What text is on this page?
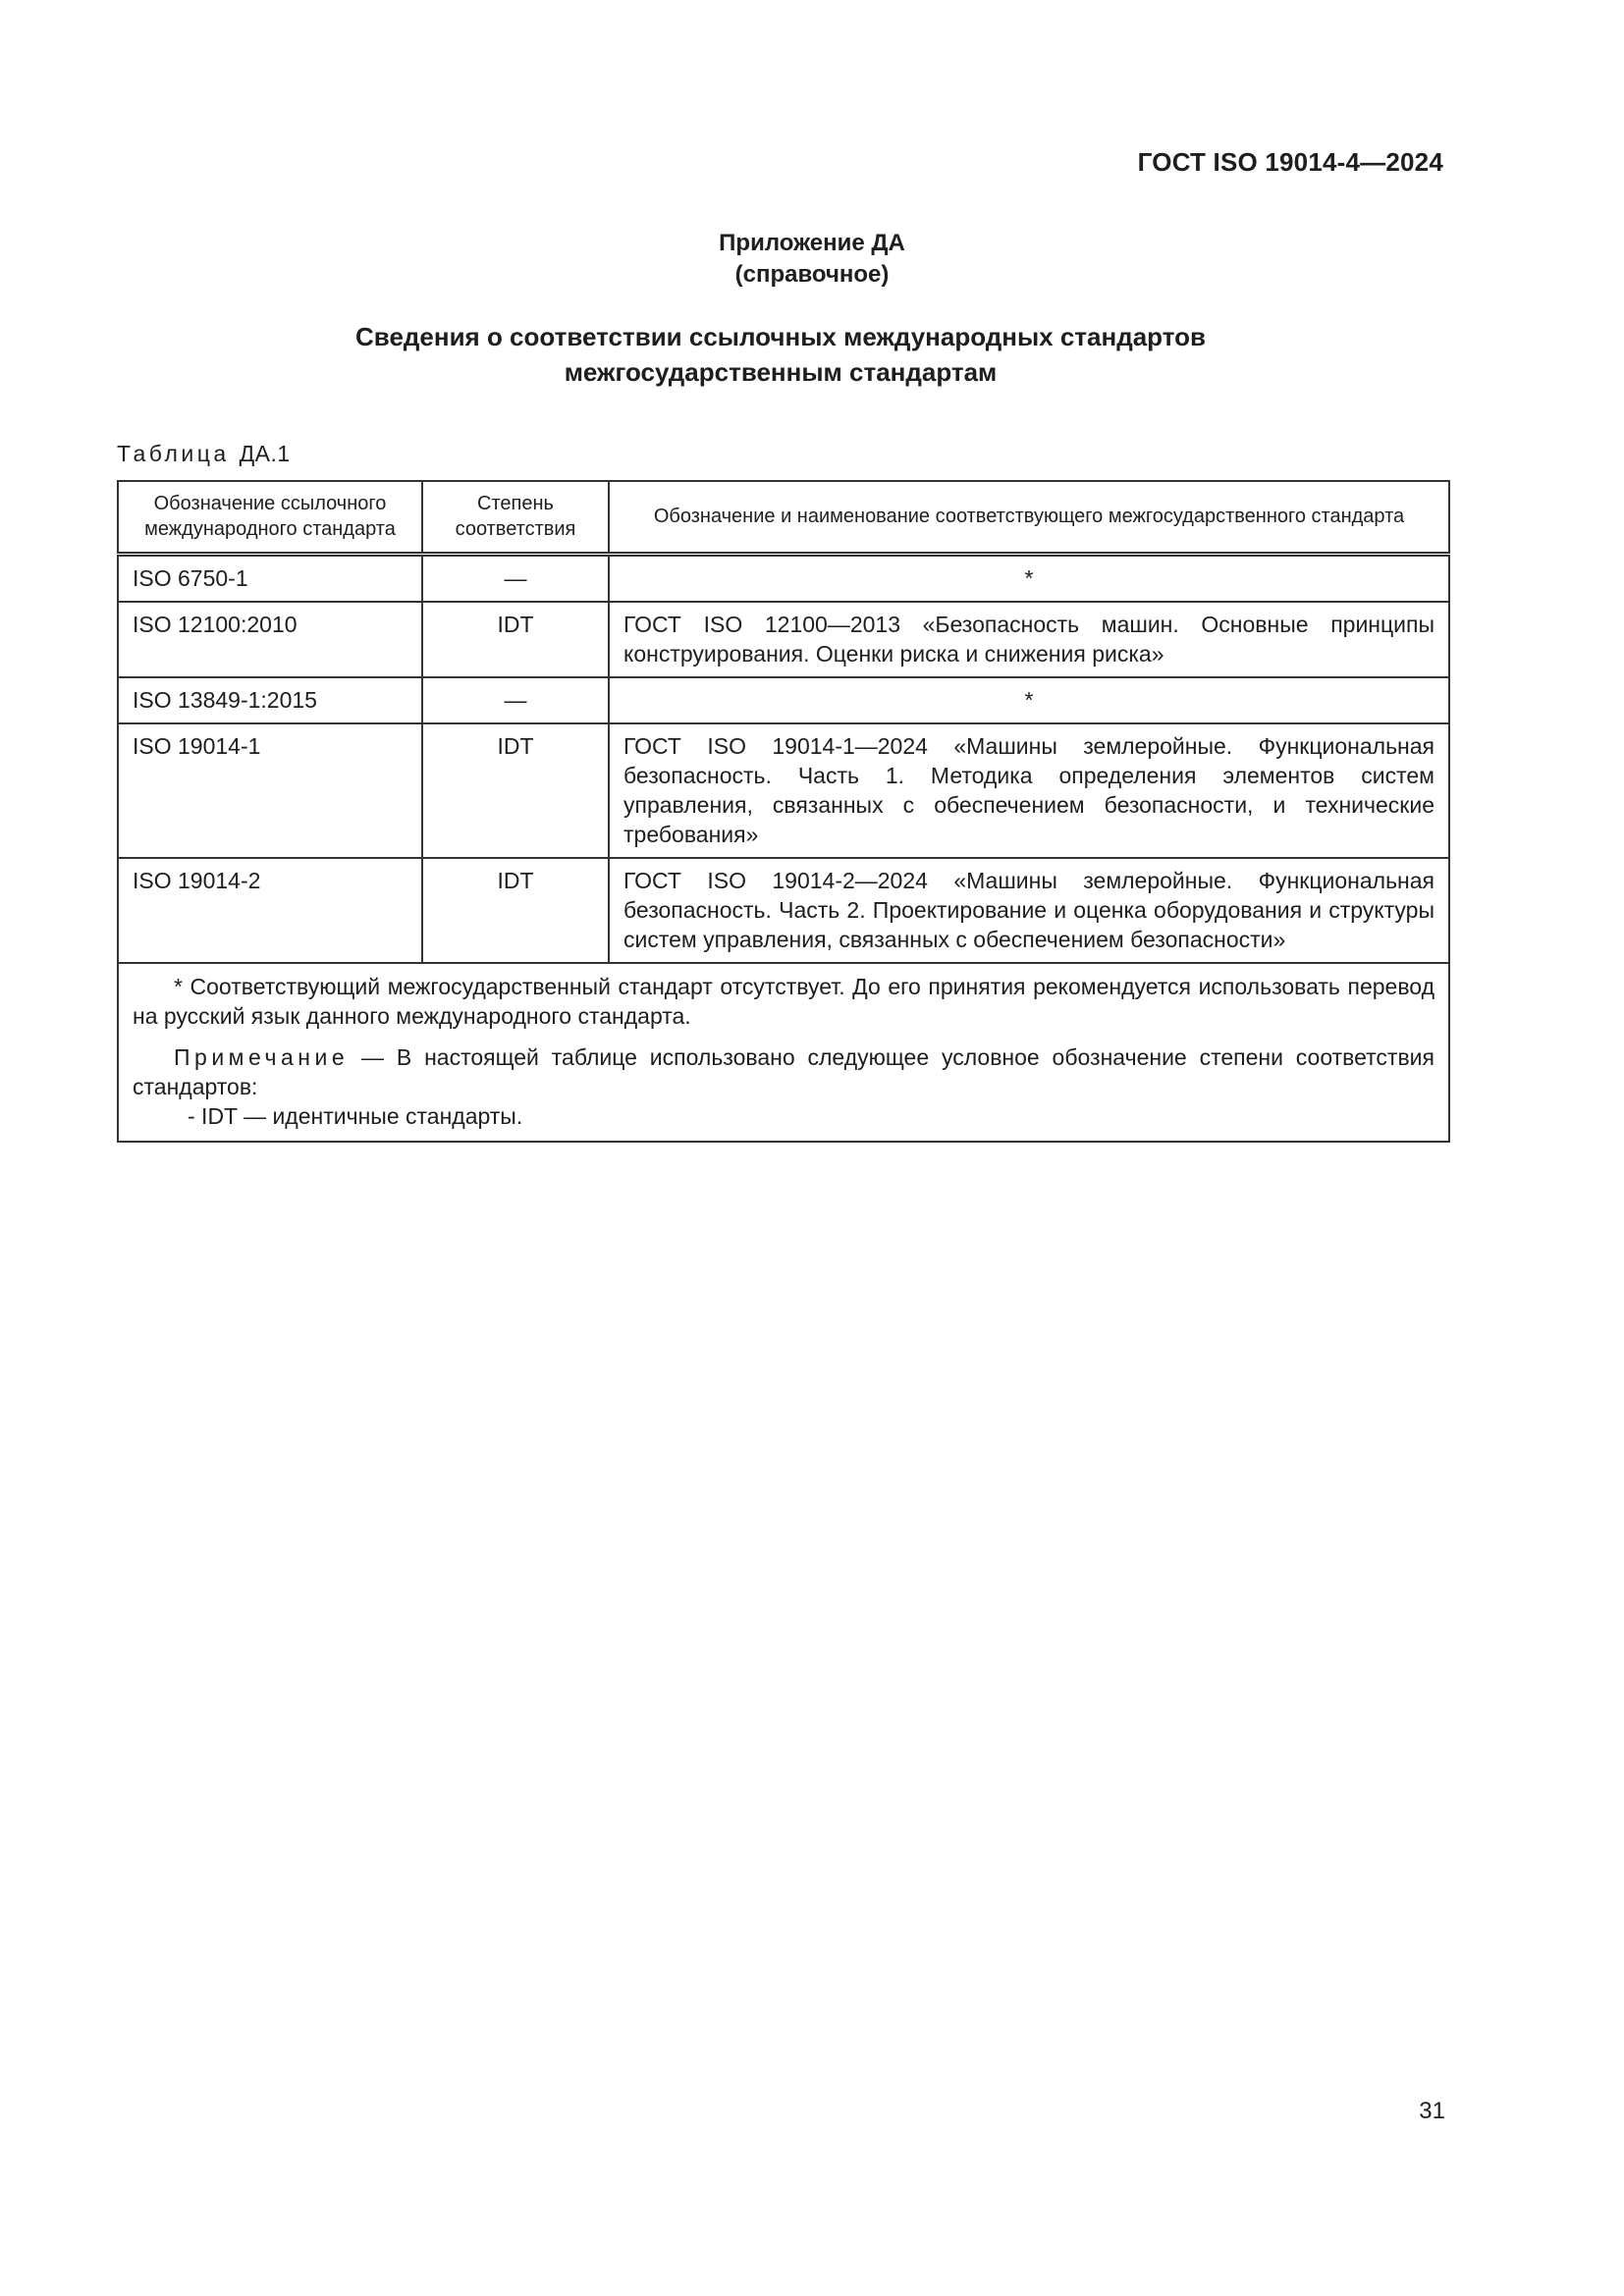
ГОСТ ISO 19014-4—2024
Приложение ДА
(справочное)
Сведения о соответствии ссылочных международных стандартов
межгосударственным стандартам
Таблица ДА.1
Обозначение ссылочного международного стандарта	Степень соответствия	Обозначение и наименование соответствующего межгосударственного стандарта
ISO 6750-1	—	*
ISO 12100:2010	IDT	ГОСТ ISO 12100—2013 «Безопасность машин. Основные принципы конструирования. Оценки риска и снижения риска»
ISO 13849-1:2015	—	*
ISO 19014-1	IDT	ГОСТ ISO 19014-1—2024 «Машины землеройные. Функциональная безопасность. Часть 1. Методика определения элементов систем управления, связанных с обеспечением безопасности, и технические требования»
ISO 19014-2	IDT	ГОСТ ISO 19014-2—2024 «Машины землеройные. Функциональная безопасность. Часть 2. Проектирование и оценка оборудования и структуры систем управления, связанных с обеспечением безопасности»

* Соответствующий межгосударственный стандарт отсутствует. До его принятия рекомендуется использовать перевод на русский язык данного международного стандарта.

Примечание — В настоящей таблице использовано следующее условное обозначение степени соответствия стандартов:

- IDT — идентичные стандарты.		

31
